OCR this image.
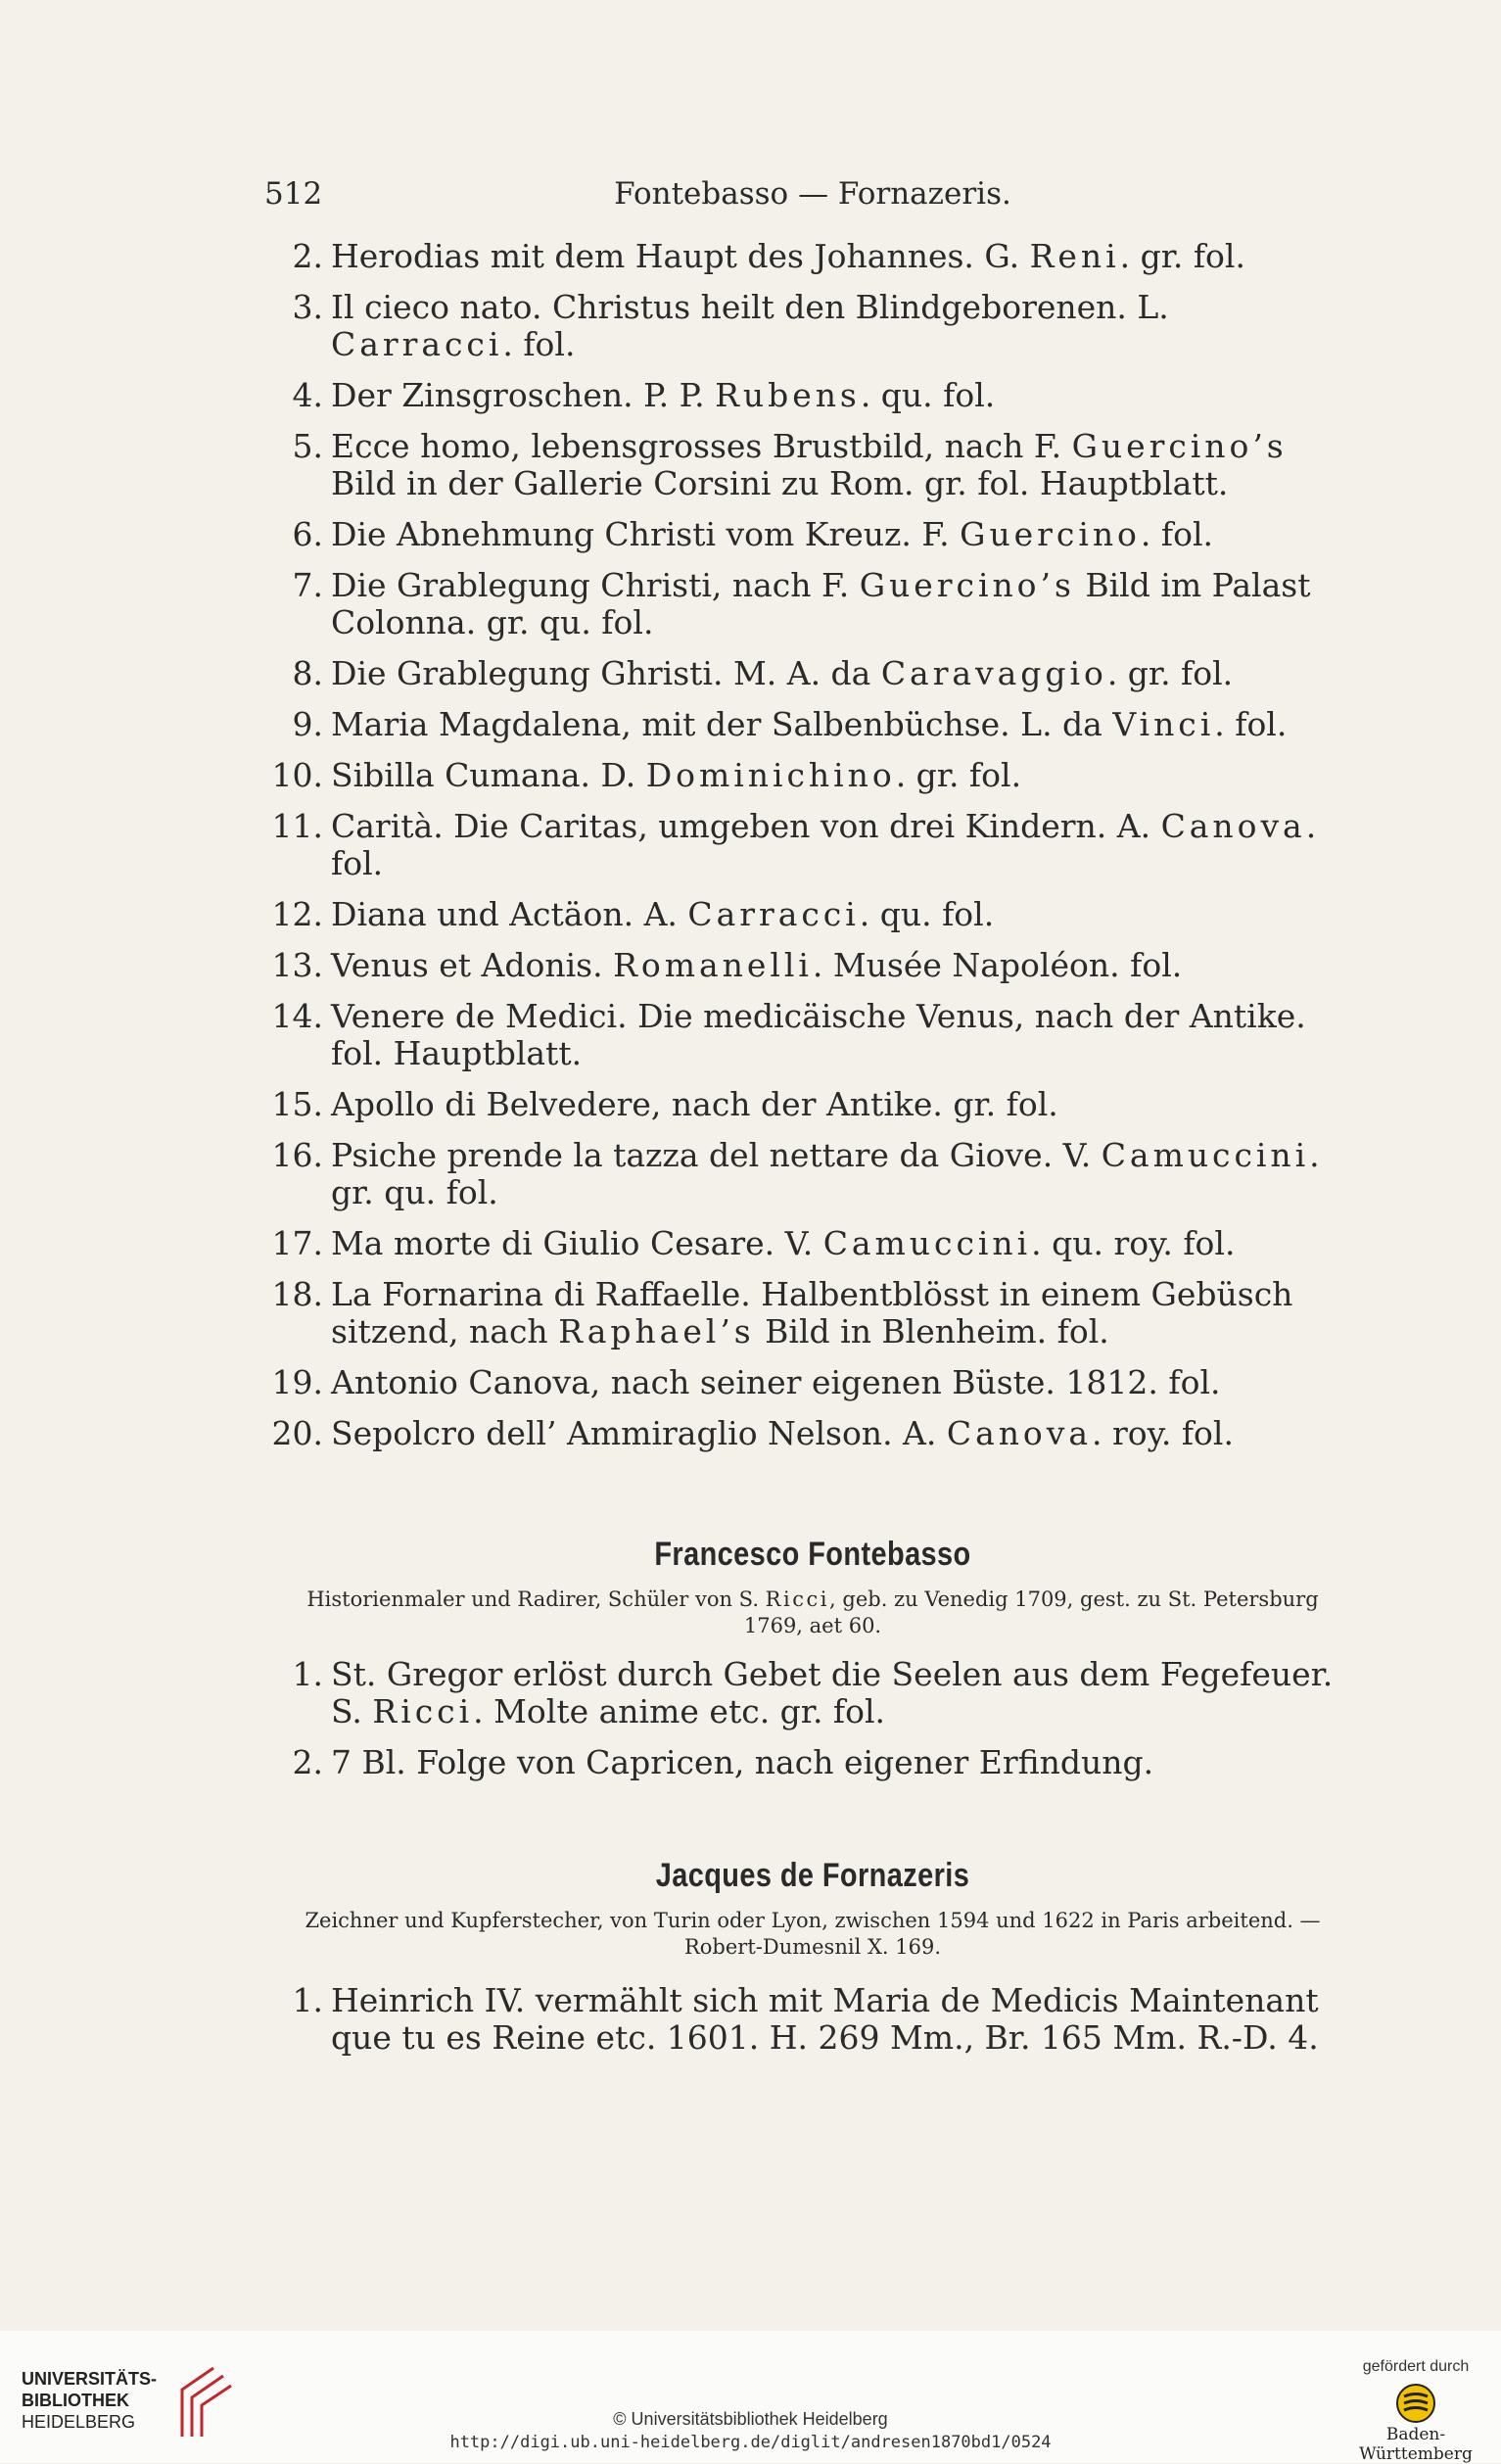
512	Fontebasso — Fornazeris.
2. Herodias mit dem Haupt des Johannes. G. Reni. gr. fol.
3. Il cieco nato. Christus heilt den Blindgeborenen. L. Carracci. fol.
4. Der Zinsgroschen. P. P. Rubens. qu. fol.
5. Ecce homo, lebensgrosses Brustbild, nach F. Guercino’s Bild in der Gallerie Corsini zu Rom. gr. fol. Hauptblatt.
6. Die Abnehmung Christi vom Kreuz. F. Guercino. fol.
7. Die Grablegung Christi, nach F. Guercino’s Bild im Palast Colonna. gr. qu. fol.
8. Die Grablegung Ghristi. M. A. da Caravaggio. gr. fol.
9. Maria Magdalena, mit der Salbenbüchse. L. da Vinci. fol.
10. Sibilla Cumana. D. Dominichino. gr. fol.
11. Carità. Die Caritas, umgeben von drei Kindern. A. Canova. fol.
12. Diana und Actäon. A. Carracci. qu. fol.
13. Venus et Adonis. Romanelli. Musée Napoléon. fol.
14. Venere de Medici. Die medicäische Venus, nach der Antike. fol. Hauptblatt.
15. Apollo di Belvedere, nach der Antike. gr. fol.
16. Psiche prende la tazza del nettare da Giove. V. Camuccini. gr. qu. fol.
17. Ma morte di Giulio Cesare. V. Camuccini. qu. roy. fol.
18. La Fornarina di Raffaelle. Halbentblösst in einem Gebüsch sitzend, nach Raphael’s Bild in Blenheim. fol.
19. Antonio Canova, nach seiner eigenen Büste. 1812. fol.
20. Sepolcro dell’ Ammiraglio Nelson. A. Canova. roy. fol.
Francesco Fontebasso
Historienmaler und Radirer, Schüler von S. Ricci, geb. zu Venedig 1709, gest. zu St. Petersburg 1769, aet 60.
1. St. Gregor erlöst durch Gebet die Seelen aus dem Fegefeuer. S. Ricci. Molte anime etc. gr. fol.
2. 7 Bl. Folge von Capricen, nach eigener Erfindung.
Jacques de Fornazeris
Zeichner und Kupferstecher, von Turin oder Lyon, zwischen 1594 und 1622 in Paris arbeitend. — Robert-Dumesnil X. 169.
1. Heinrich IV. vermählt sich mit Maria de Medicis Maintenant que tu es Reine etc. 1601. H. 269 Mm., Br. 165 Mm. R.-D. 4.
UNIVERSITÄTS-
BIBLIOTHEK
HEIDELBERG	© Universitätsbibliothek Heidelberg
http://digi.ub.uni-heidelberg.de/diglit/andresen1870bd1/0524
gefördert durch
Baden-Württemberg
